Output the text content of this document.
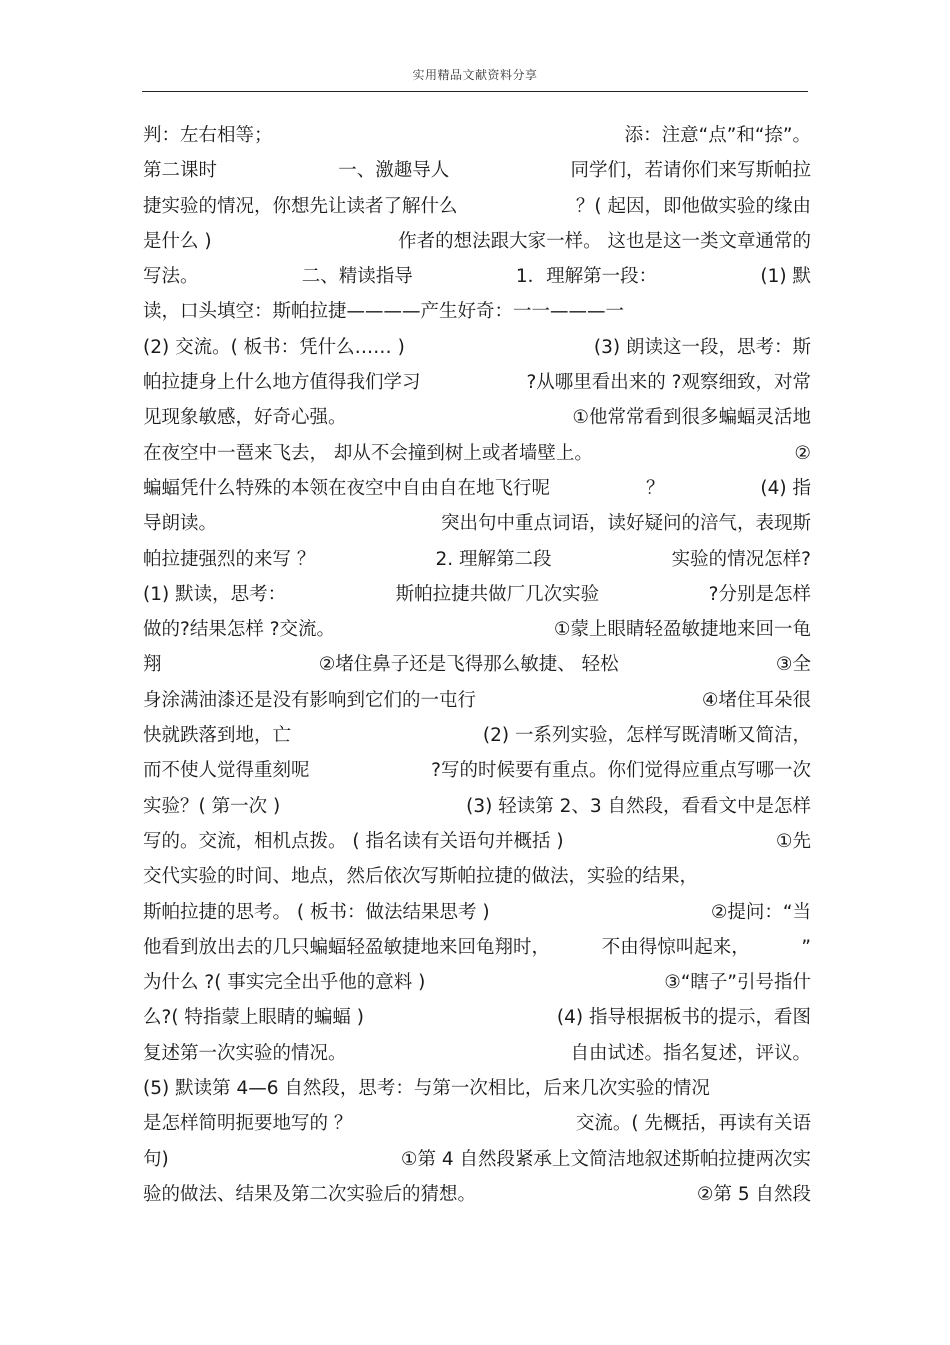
实用精品文献资料分享
判：左右相等；	添：注意“点”和“捺”。
第二课时	一、激趣导人	同学们，若请你们来写斯帕拉
捷实验的情况，你想先让读者了解什么	？( 起因，即他做实验的缘由
是什么 )	作者的想法跟大家一样。 这也是这一类文章通常的
写法。	二、精读指导	1．理解第一段：	(1) 默
读，口头填空：斯帕拉捷————产生好奇：一一———一
(2) 交流。( 板书：凭什么…… )	(3) 朗读这一段，思考：斯
帕拉捷身上什么地方值得我们学习	?从哪里看出来的 ?观察细致，对常
见现象敏感，好奇心强。	①他常常看到很多蝙蝠灵活地
在夜空中一琶来飞去， 却从不会撞到树上或者墙壁上。	②
蝙蝠凭什么特殊的本领在夜空中自由自在地飞行呢	？	(4) 指
导朗读。	突出句中重点词语，读好疑问的涪气，表现斯
帕拉捷强烈的来写 ？	2. 理解第二段	实验的情况怎样?
(1) 默读，思考：	斯帕拉捷共做厂几次实验	?分别是怎样
做的?结果怎样 ?交流。	①蒙上眼睛轻盈敏捷地来回一龟
翔	②堵住鼻子还是飞得那么敏捷、 轻松	③全
身涂满油漆还是没有影响到它们的一屯行	④堵住耳朵很
快就跌落到地，亡	(2) 一系列实验，怎样写既清晰又简洁，
而不使人觉得重刻呢	?写的时候要有重点。你们觉得应重点写哪一次
实验？( 第一次 )	(3) 轻读第 2、3 自然段，看看文中是怎样
写的。交流，相机点拨。 ( 指名读有关语句并概括 )	①先
交代实验的时间、地点，然后依次写斯帕拉捷的做法，实验的结果，
斯帕拉捷的思考。 ( 板书：做法结果思考 )	②提问：“当
他看到放出去的几只蝙蝠轻盈敏捷地来回龟翔时，	不由得惊叫起来，	”
为什么 ?( 事实完全出乎他的意料 )	③“瞎子”引号指什
么?( 特指蒙上眼睛的蝙蝠 )	(4) 指导根据板书的提示，看图
复述第一次实验的情况。	自由试述。指名复述，评议。
(5) 默读第 4—6 自然段，思考：与第一次相比，后来几次实验的情况
是怎样简明扼要地写的 ？	交流。( 先概括，再读有关语
句)	①第 4 自然段紧承上文简洁地叙述斯帕拉捷两次实
验的做法、结果及第二次实验后的猜想。	②第 5 自然段
